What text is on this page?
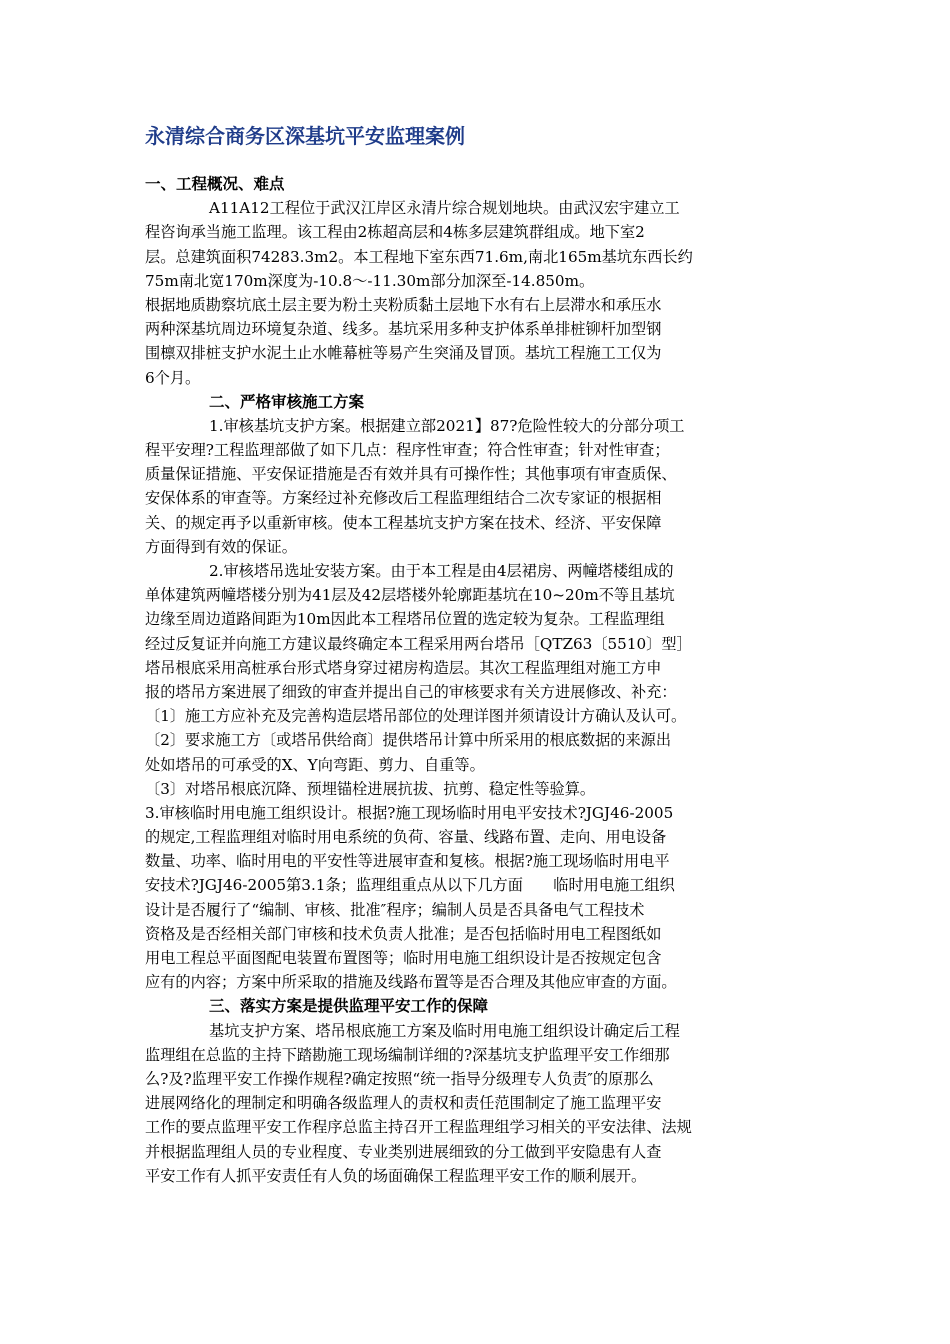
永清综合商务区深基坑平安监理案例
一、工程概况、难点
A11A12工程位于武汉江岸区永清片综合规划地块。由武汉宏宇建立工
程咨询承当施工监理。该工程由2栋超高层和4栋多层建筑群组成。地下室2
层。总建筑面积74283.3m2。本工程地下室东西71.6m,南北165m基坑东西长约
75m南北宽170m深度为-10.8～-11.30m部分加深至-14.850m。
根据地质勘察坑底土层主要为粉土夹粉质黏土层地下水有右上层滞水和承压水
两种深基坑周边环境复杂道、线多。基坑采用多种支护体系单排桩铆杆加型钢
围檩双排桩支护水泥土止水帷幕桩等易产生突涌及冒顶。基坑工程施工工仅为
6个月。
二、严格审核施工方案
1.审核基坑支护方案。根据建立部2021】87?危险性较大的分部分项工
程平安理?工程监理部做了如下几点：程序性审查；符合性审查；针对性审查；
质量保证措施、平安保证措施是否有效并具有可操作性；其他事项有审查质保、
安保体系的审查等。方案经过补充修改后工程监理组结合二次专家证的根据相
关、的规定再予以重新审核。使本工程基坑支护方案在技术、经济、平安保障
方面得到有效的保证。
2.审核塔吊选址安装方案。由于本工程是由4层裙房、两幢塔楼组成的
单体建筑两幢塔楼分别为41层及42层塔楼外轮廓距基坑在10~20m不等且基坑
边缘至周边道路间距为10m因此本工程塔吊位置的选定较为复杂。工程监理组
经过反复证并向施工方建议最终确定本工程采用两台塔吊［QTZ63〔5510〕型］
塔吊根底采用高桩承台形式塔身穿过裙房构造层。其次工程监理组对施工方申
报的塔吊方案进展了细致的审查并提出自己的审核要求有关方进展修改、补充：
〔1〕施工方应补充及完善构造层塔吊部位的处理详图并须请设计方确认及认可。
〔2〕要求施工方〔或塔吊供给商〕提供塔吊计算中所采用的根底数据的来源出
处如塔吊的可承受的X、Y向弯距、剪力、自重等。
〔3〕对塔吊根底沉降、预埋锚栓进展抗拔、抗剪、稳定性等验算。
3.审核临时用电施工组织设计。根据?施工现场临时用电平安技术?JGJ46-2005
的规定,工程监理组对临时用电系统的负荷、容量、线路布置、走向、用电设备
数量、功率、临时用电的平安性等进展审查和复核。根据?施工现场临时用电平
安技术?JGJ46-2005第3.1条；监理组重点从以下几方面　　临时用电施工组织
设计是否履行了“编制、审核、批准″程序；编制人员是否具备电气工程技术
资格及是否经相关部门审核和技术负责人批准；是否包括临时用电工程图纸如
用电工程总平面图配电装置布置图等；临时用电施工组织设计是否按规定包含
应有的内容；方案中所采取的措施及线路布置等是否合理及其他应审查的方面。
三、落实方案是提供监理平安工作的保障
基坑支护方案、塔吊根底施工方案及临时用电施工组织设计确定后工程
监理组在总监的主持下踏勘施工现场编制详细的?深基坑支护监理平安工作细那
么?及?监理平安工作操作规程?确定按照“统一指导分级理专人负责″的原那么
进展网络化的理制定和明确各级监理人的责权和责任范围制定了施工监理平安
工作的要点监理平安工作程序总监主持召开工程监理组学习相关的平安法律、法规
并根据监理组人员的专业程度、专业类别进展细致的分工做到平安隐患有人查
平安工作有人抓平安责任有人负的场面确保工程监理平安工作的顺利展开。
